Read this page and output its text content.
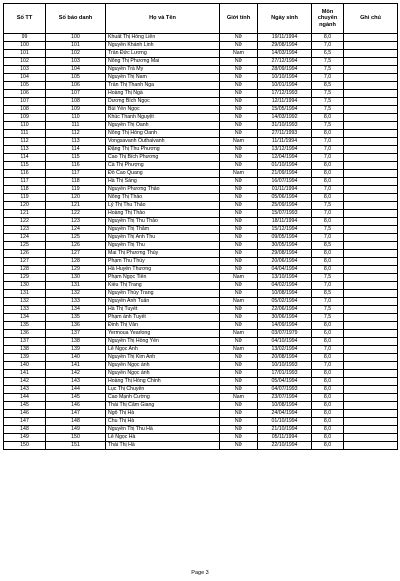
Số TT	Số báo danh	Họ và Tên	Giới tính	Ngày sinh	Môn chuyên ngành	Ghi chú
99	100	Khuất Thị Hồng Liên	Nữ	19/11/1994	8,0	
100	101	Nguyễn Khánh Linh	Nữ	29/08/1994	7,0	
101	102	Trần Đức Lương	Nam	14/03/1994	6,5	
102	103	Nông Thị Phương Mai	Nữ	27/12/1994	7,5	
103	104	Nguyễn Trà My	Nữ	28/09/1994	7,5	
104	105	Nguyễn Thị Nam	Nữ	10/10/1994	7,0	
105	106	Trần Thị Thanh Nga	Nữ	10/01/1994	8,5	
106	107	Hoàng Thị Ngà	Nữ	17/12/1993	7,5	
107	108	Dương Bích Ngọc	Nữ	12/11/1994	7,5	
108	109	Bùi Yến Ngọc	Nữ	15/05/1994	7,5	
109	110	Khúc Thanh Nguyệt	Nữ	14/03/1992	8,0	
110	111	Nguyễn Thị Oanh	Nữ	31/10/1993	7,5	
111	112	Nông Thị Hồng Oanh	Nữ	27/11/1993	8,0	
112	113	Vongsavanh Outhaivanh	Nam	11/11/1994	7,0	
113	114	Đặng Thị Thu Phương	Nữ	13/12/1994	7,0	
114	115	Cao Thị Bích Phương	Nữ	12/04/1994	7,0	
115	116	Cà Thị Phượng	Nữ	01/10/1994	8,0	
116	117	Đỗ Cao Quang	Nam	21/09/1994	8,0	
117	118	Hà Thị Sáng	Nữ	16/07/1994	8,0	
118	119	Nguyễn Phương Thảo	Nữ	01/11/1994	7,0	
119	120	Nông Thị Thảo	Nữ	05/06/1994	8,0	
120	121	Lý Thị Thu Thảo	Nữ	25/09/1994	7,5	
121	122	Hoàng Thị Thảo	Nữ	15/07/1993	7,0	
122	123	Nguyễn Thị Thu Thảo	Nữ	18/11/1994	8,0	
123	124	Nguyễn Thị Thắm	Nữ	15/12/1994	7,5	
124	125	Nguyễn Thị Anh Thu	Nữ	09/05/1994	7,0	
125	126	Nguyễn Thị Thu	Nữ	30/05/1994	8,5	
126	127	Mai Thị Phương Thúy	Nữ	29/08/1994	8,0	
127	128	Phạm Thu Thủy	Nữ	20/06/1994	8,0	
128	129	Hà Huyền Thương	Nữ	04/04/1994	8,0	
129	130	Phạm Ngọc Tiến	Nam	13/10/1994	7,5	
130	131	Kiều Thị Trang	Nữ	04/02/1994	7,0	
131	132	Nguyễn Thùy Trang	Nữ	10/08/1994	8,5	
132	133	Nguyễn Anh Tuấn	Nam	05/02/1994	7,0	
133	134	Hà Thị Tuyết	Nữ	22/06/1994	7,5	
134	135	Phạm ánh Tuyết	Nữ	30/06/1994	7,5	
135	136	Đinh Thị Vân	Nữ	14/09/1994	8,0	
136	137	Yermoua Yearlong	Nam	03/07/1979	6,0	
137	138	Nguyễn Thị Hồng Yến	Nữ	04/10/1994	8,0	
138	139	Lê Ngọc Anh	Nam	13/02/1994	7,0	
139	140	Nguyễn Thị Kim Anh	Nữ	20/08/1994	8,0	
140	141	Nguyễn Ngọc ánh	Nữ	10/10/1993	7,0	
141	142	Nguyễn Ngọc ánh	Nữ	17/01/1993	8,0	
142	143	Hoàng Thị Hồng Chinh	Nữ	05/04/1994	8,0	
143	144	Lục Thị Chuyên	Nữ	04/07/1993	8,0	
144	145	Cao Mạnh Cường	Nam	23/07/1994	8,0	
145	146	Thái Thị Cẩm Giang	Nữ	10/08/1994	8,0	
146	147	Ngô Thị Hà	Nữ	24/04/1994	8,0	
147	148	Chu Thị Hà	Nữ	01/10/1994	8,0	
148	149	Nguyễn Thị Thu Hà	Nữ	21/10/1994	8,0	
149	150	Lê Ngọc Hà	Nữ	05/11/1994	8,0	
150	151	Thái Thị Hà	Nữ	22/10/1994	8,0	
Page 3
